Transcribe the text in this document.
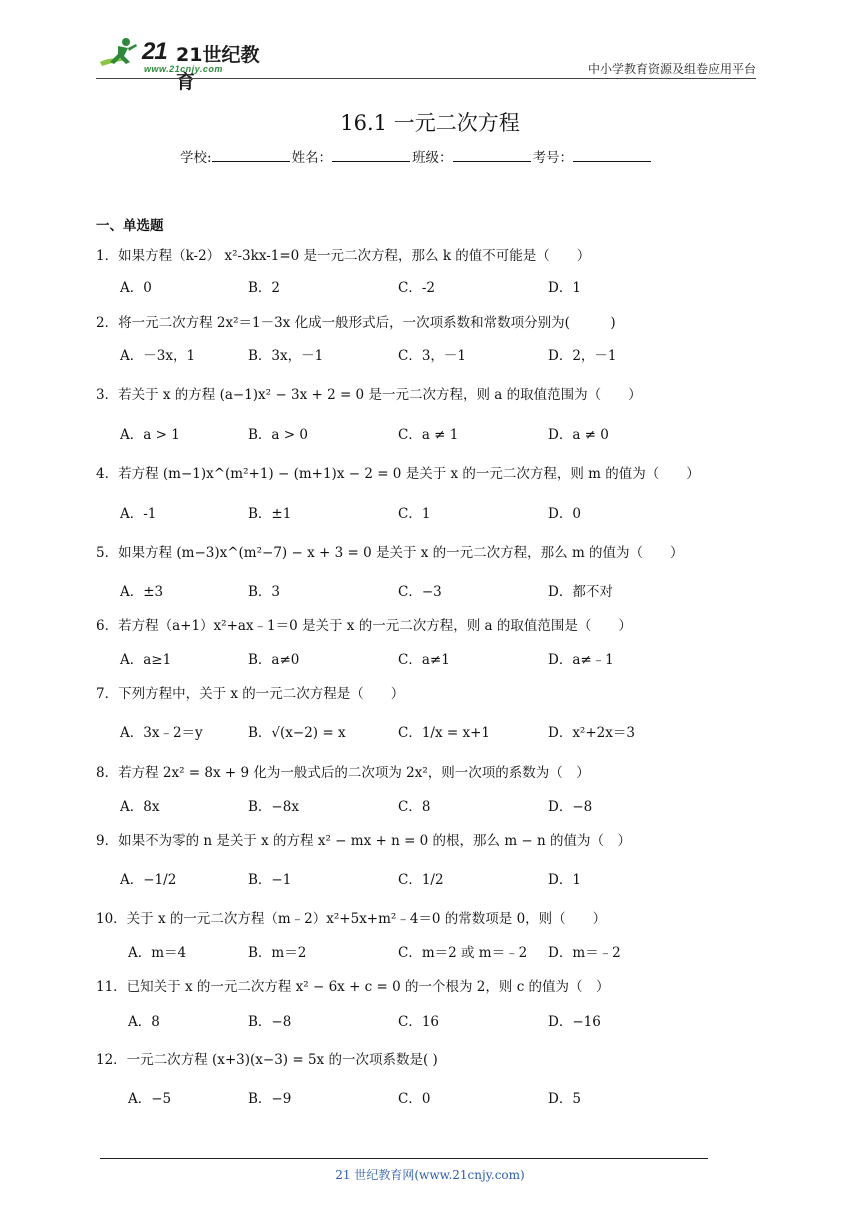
21 21世纪教育
www.21cnjy.com	中小学教育资源及组卷应用平台
16.1 一元二次方程
学校:	姓名：	班级：	考号：
一、单选题
1．如果方程（k-2） x²-3kx-1=0 是一元二次方程，那么 k 的值不可能是（　　）
A．0	B．2	C．-2	D．1
2．将一元二次方程 2x²＝1－3x 化成一般形式后，一次项系数和常数项分别为(　　　)
A．－3x，1	B．3x，－1	C．3，－1	D．2，－1
3．若关于 x 的方程 (a−1)x² − 3x + 2 = 0 是一元二次方程，则 a 的取值范围为（　　）
A．a > 1	B．a > 0	C．a ≠ 1	D．a ≠ 0
4．若方程 (m−1)x^(m²+1) − (m+1)x − 2 = 0 是关于 x 的一元二次方程，则 m 的值为（　　）
A．-1	B．±1	C．1	D．0
5．如果方程 (m−3)x^(m²−7) − x + 3 = 0 是关于 x 的一元二次方程，那么 m 的值为（　　）
A．±3	B．3	C．−3	D．都不对
6．若方程（a+1）x²+ax﹣1＝0 是关于 x 的一元二次方程，则 a 的取值范围是（　　）
A．a≥1	B．a≠0	C．a≠1	D．a≠﹣1
7．下列方程中，关于 x 的一元二次方程是（　　）
A．3x﹣2＝y	B．√(x−2) = x	C．1/x = x+1	D．x²+2x＝3
8．若方程 2x² = 8x + 9 化为一般式后的二次项为 2x²，则一次项的系数为（　）
A．8x	B．−8x	C．8	D．−8
9．如果不为零的 n 是关于 x 的方程 x² − mx + n = 0 的根，那么 m − n 的值为（　）
A．−1/2	B．−1	C．1/2	D．1
10．关于 x 的一元二次方程（m﹣2）x²+5x+m²﹣4＝0 的常数项是 0，则（　　）
A．m＝4	B．m＝2	C．m＝2 或 m＝﹣2 D．m＝﹣2
11．已知关于 x 的一元二次方程 x² − 6x + c = 0 的一个根为 2，则 c 的值为（　）
A．8	B．−8	C．16	D．−16
12．一元二次方程 (x+3)(x−3) = 5x 的一次项系数是( )
A．−5	B．−9	C．0	D．5
21 世纪教育网(www.21cnjy.com)
